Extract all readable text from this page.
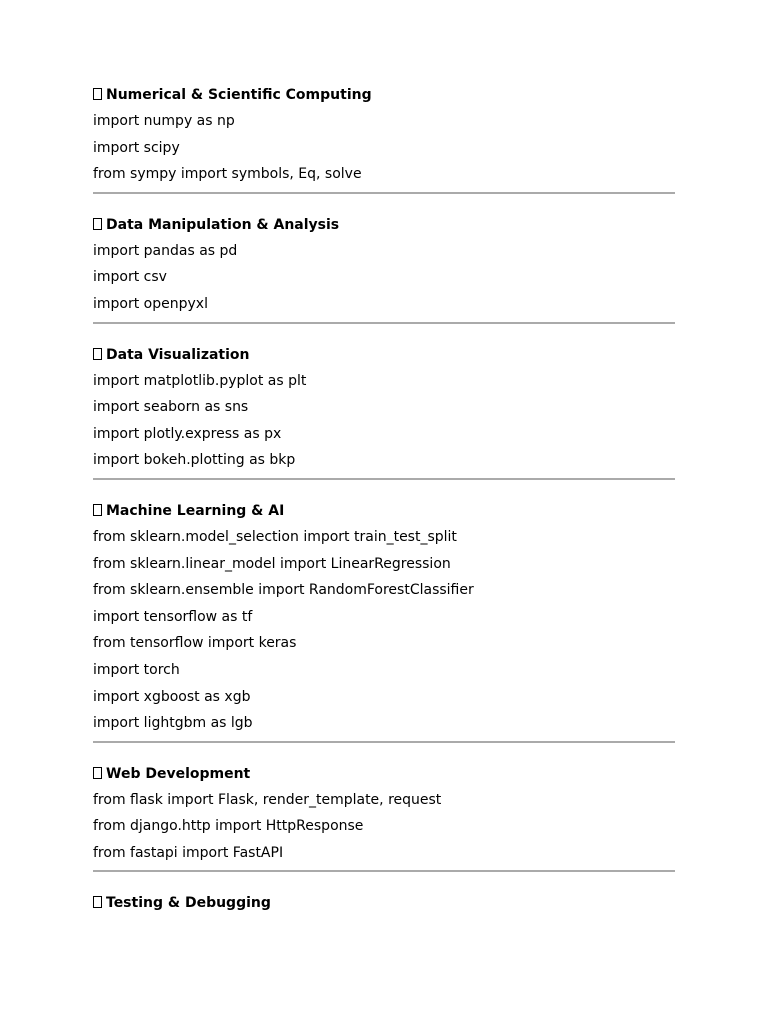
Numerical & Scientific Computing
import numpy as np
import scipy
from sympy import symbols, Eq, solve
Data Manipulation & Analysis
import pandas as pd
import csv
import openpyxl
Data Visualization
import matplotlib.pyplot as plt
import seaborn as sns
import plotly.express as px
import bokeh.plotting as bkp
Machine Learning & AI
from sklearn.model_selection import train_test_split
from sklearn.linear_model import LinearRegression
from sklearn.ensemble import RandomForestClassifier
import tensorflow as tf
from tensorflow import keras
import torch
import xgboost as xgb
import lightgbm as lgb
Web Development
from flask import Flask, render_template, request
from django.http import HttpResponse
from fastapi import FastAPI
Testing & Debugging
